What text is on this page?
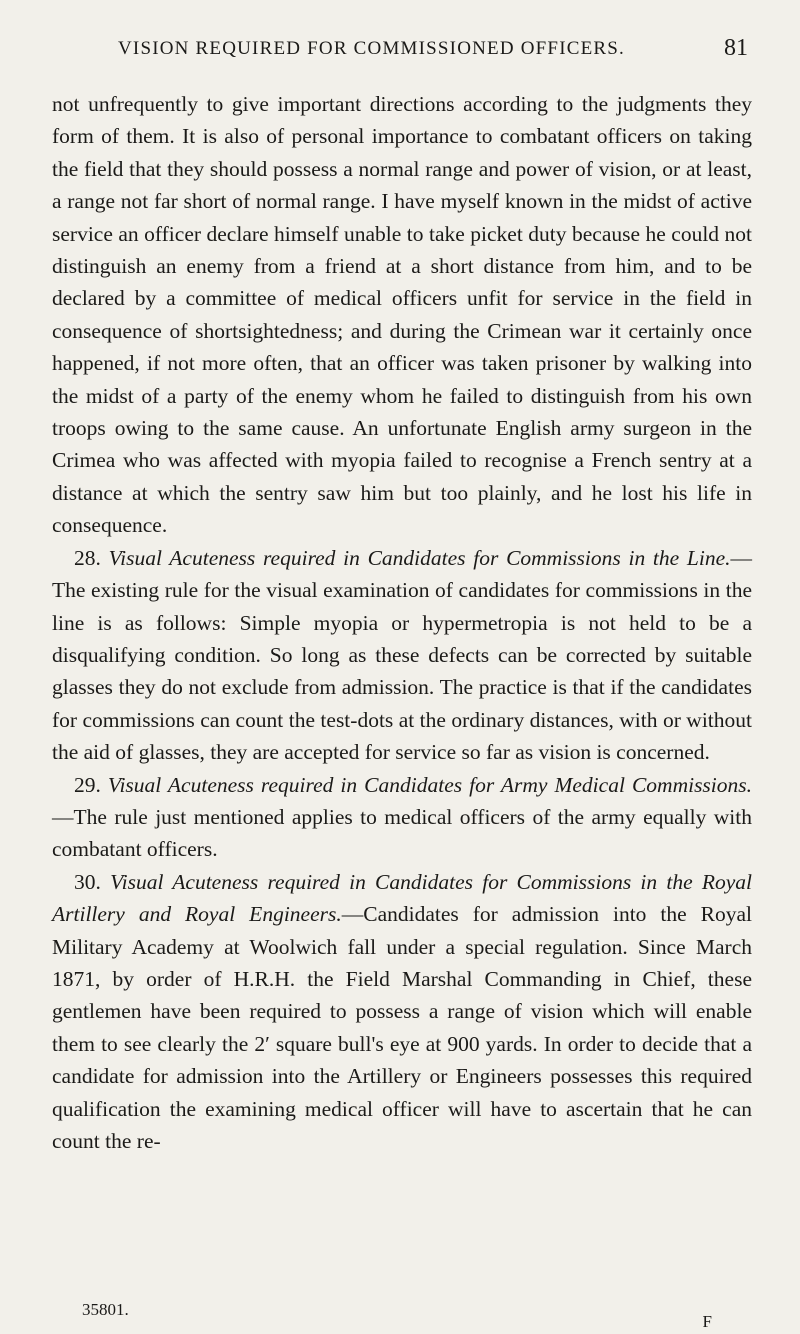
VISION REQUIRED FOR COMMISSIONED OFFICERS.	81

not unfrequently to give important directions according to the judgments they form of them. It is also of personal importance to combatant officers on taking the field that they should possess a normal range and power of vision, or at least, a range not far short of normal range. I have myself known in the midst of active service an officer declare himself unable to take picket duty because he could not distinguish an enemy from a friend at a short distance from him, and to be declared by a committee of medical officers unfit for service in the field in consequence of shortsightedness; and during the Crimean war it certainly once happened, if not more often, that an officer was taken prisoner by walking into the midst of a party of the enemy whom he failed to distinguish from his own troops owing to the same cause. An unfortunate English army surgeon in the Crimea who was affected with myopia failed to recognise a French sentry at a distance at which the sentry saw him but too plainly, and he lost his life in consequence.

28. Visual Acuteness required in Candidates for Commissions in the Line.—The existing rule for the visual examination of candidates for commissions in the line is as follows: Simple myopia or hypermetropia is not held to be a disqualifying condition. So long as these defects can be corrected by suitable glasses they do not exclude from admission. The practice is that if the candidates for commissions can count the test-dots at the ordinary distances, with or without the aid of glasses, they are accepted for service so far as vision is concerned.

29. Visual Acuteness required in Candidates for Army Medical Commissions.—The rule just mentioned applies to medical officers of the army equally with combatant officers.

30. Visual Acuteness required in Candidates for Commissions in the Royal Artillery and Royal Engineers.—Candidates for admission into the Royal Military Academy at Woolwich fall under a special regulation. Since March 1871, by order of H.R.H. the Field Marshal Commanding in Chief, these gentlemen have been required to possess a range of vision which will enable them to see clearly the 2′ square bull's eye at 900 yards. In order to decide that a candidate for admission into the Artillery or Engineers possesses this required qualification the examining medical officer will have to ascertain that he can count the re-

35801.
F
